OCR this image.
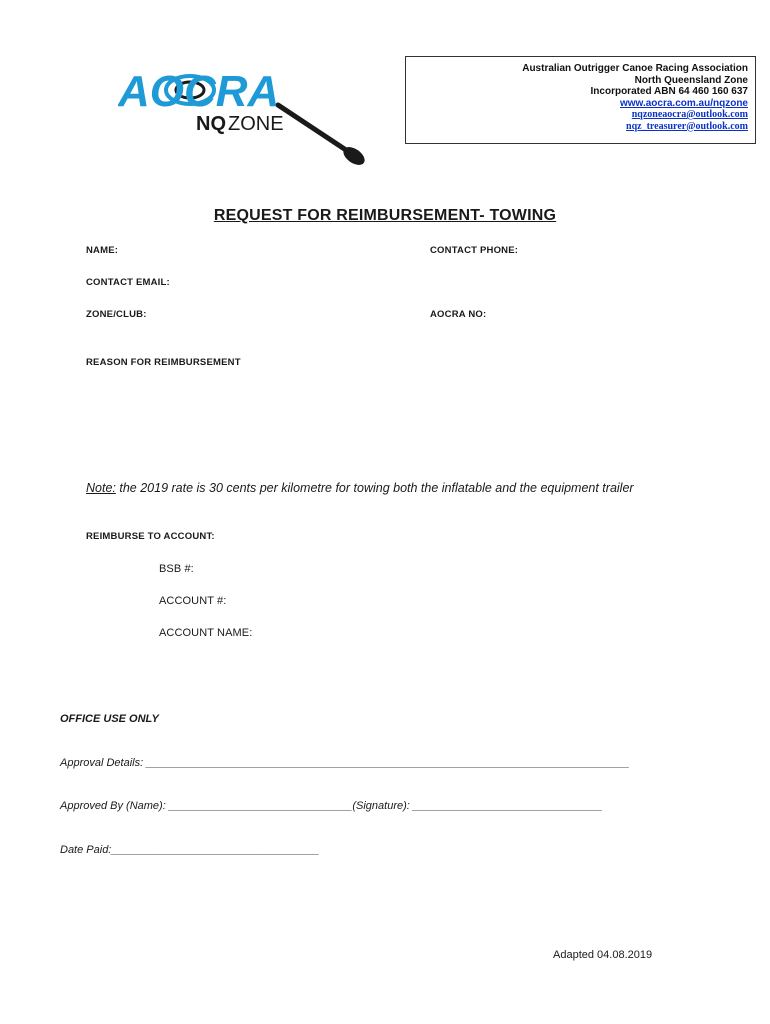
AOCRA
NQ ZONE
Australian Outrigger Canoe Racing Association
North Queensland Zone
Incorporated ABN 64 460 160 637
www.aocra.com.au/nqzone
nqzoneaocra@outlook.com
nqz_treasurer@outlook.com
REQUEST FOR REIMBURSEMENT- TOWING
NAME:	CONTACT PHONE:
CONTACT EMAIL:
ZONE/CLUB:	AOCRA NO:
REASON FOR REIMBURSEMENT
Note: the 2019 rate is 30 cents per kilometre for towing both the inflatable and the equipment trailer
REIMBURSE TO ACCOUNT:
BSB #:
ACCOUNT #:
ACCOUNT NAME:
OFFICE USE ONLY
Approval Details: _______________________________________________________________________________
Approved By (Name): ______________________________(Signature): _______________________________
Date Paid:__________________________________
Adapted 04.08.2019
